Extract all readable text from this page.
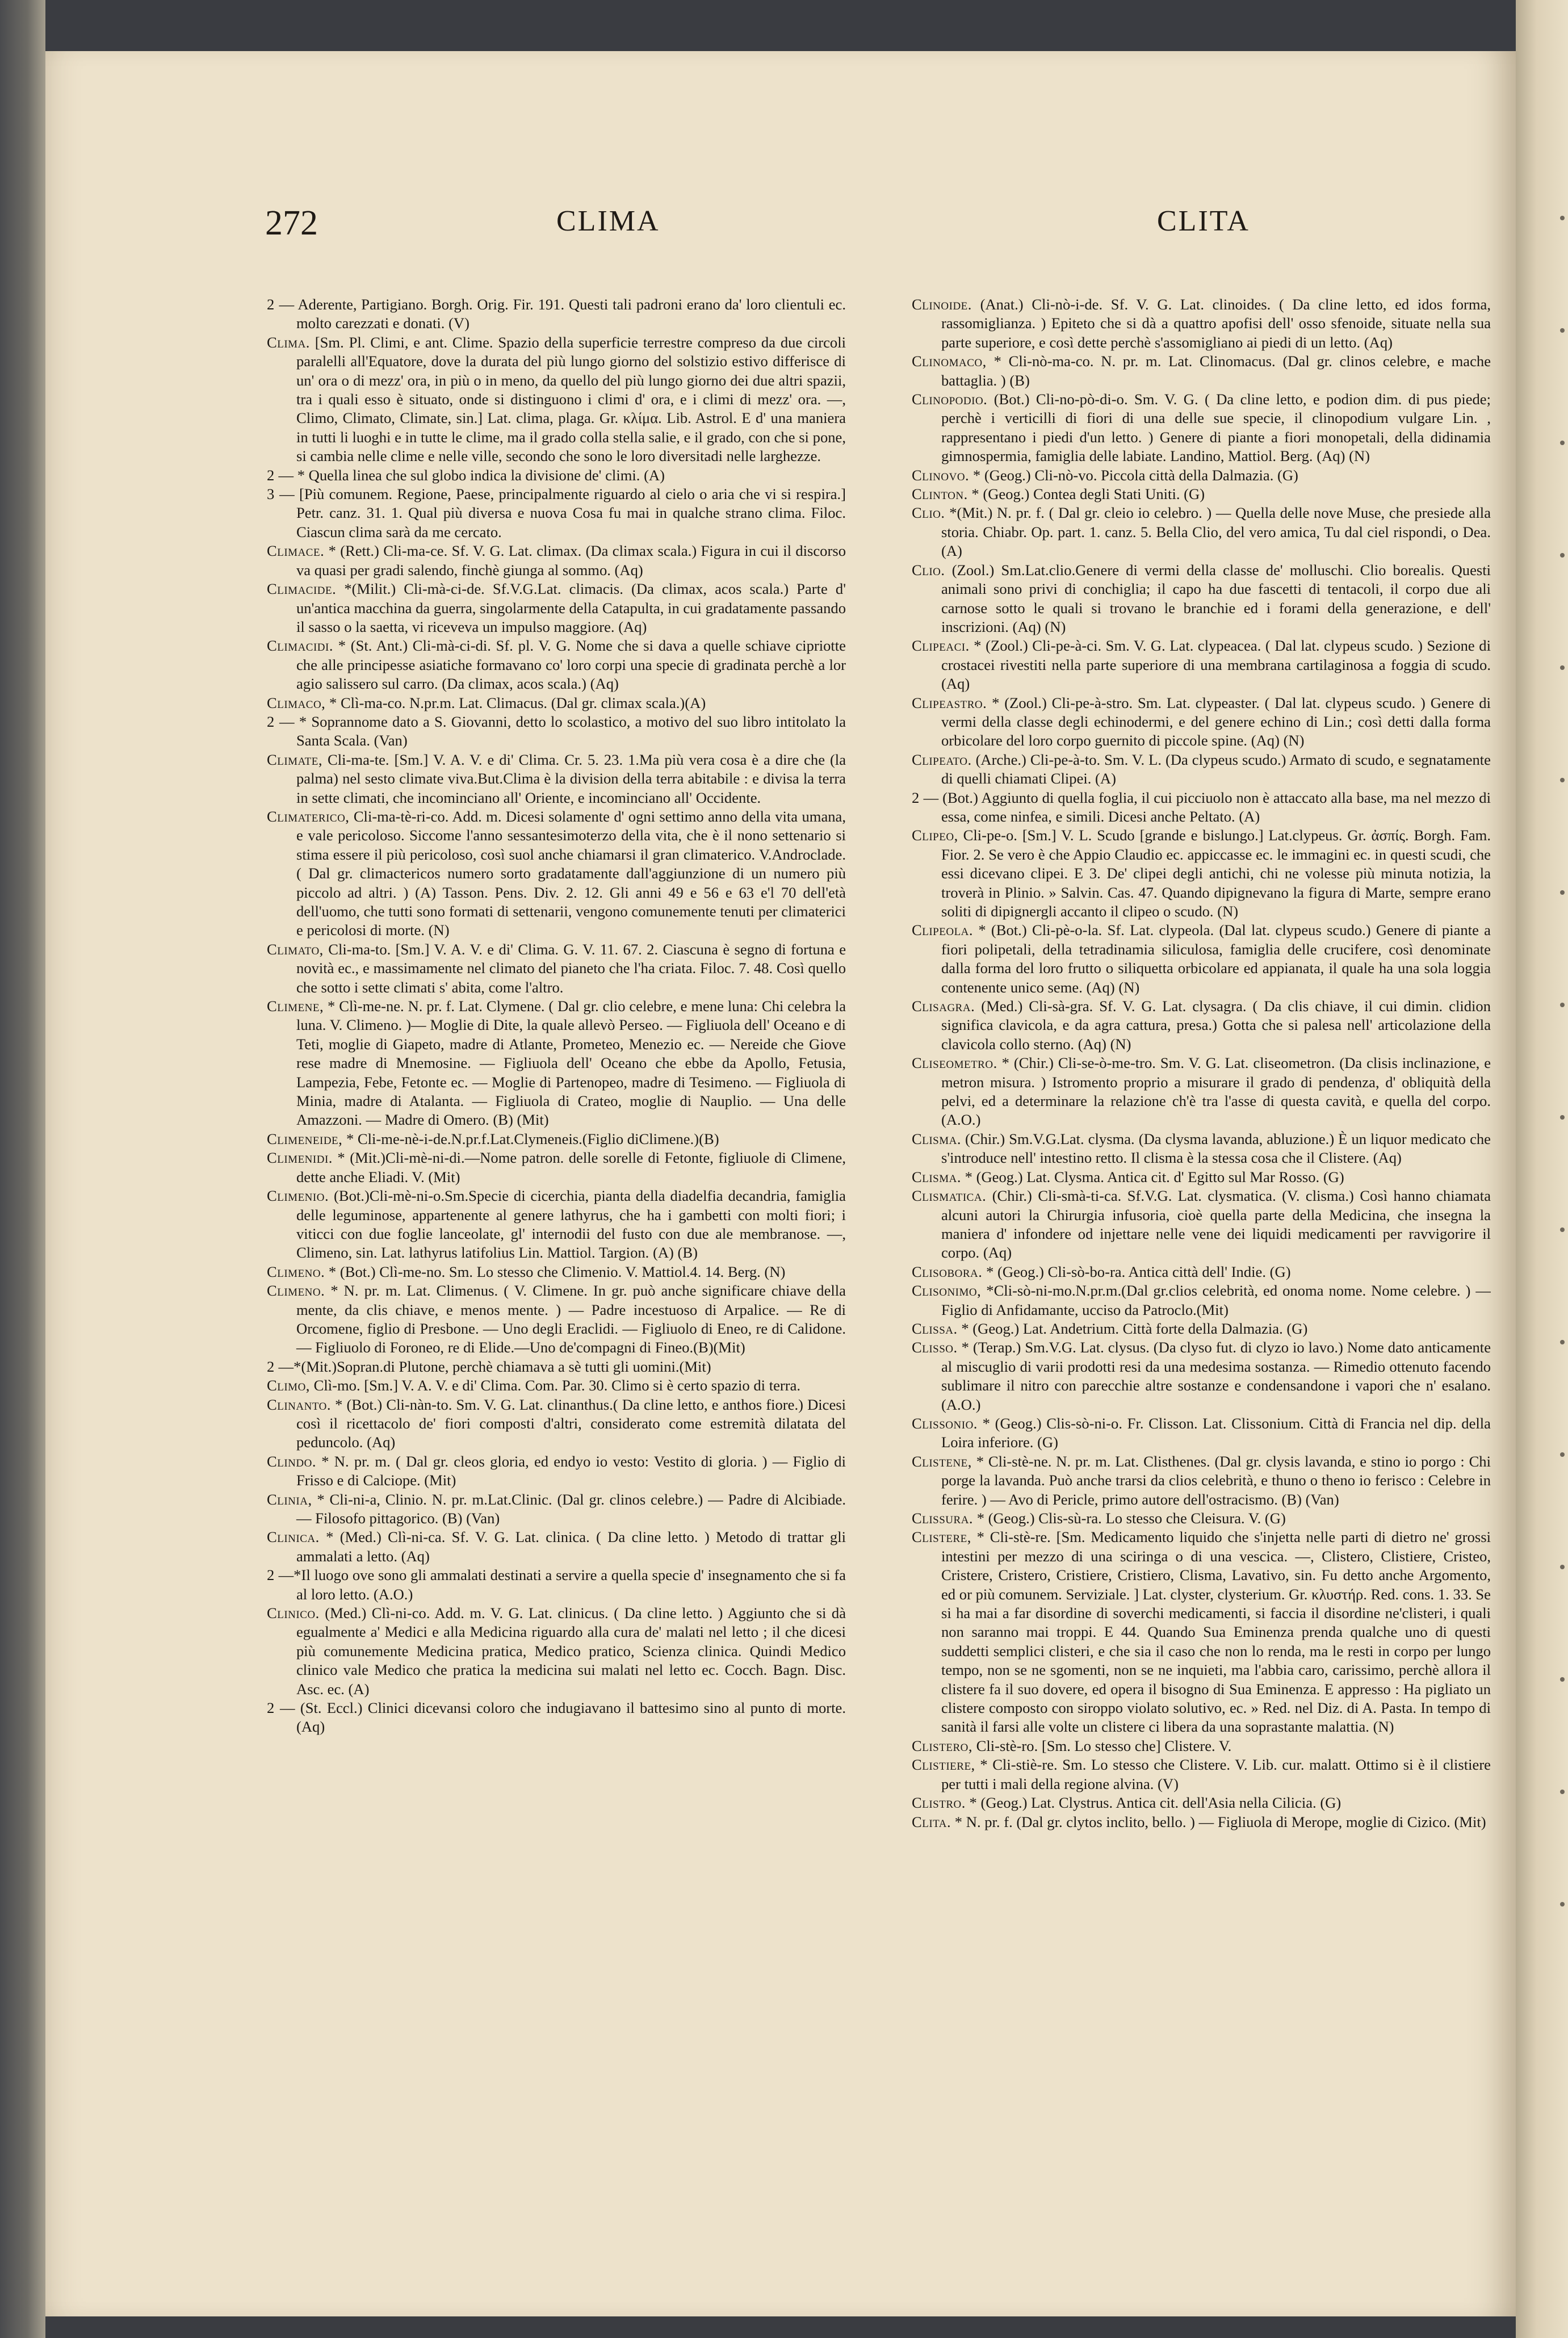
272	CLIMA	CLITA

2 — Aderente, Partigiano. Borgh. Orig. Fir. 191. Questi tali padroni erano da' loro clientuli ec. molto carezzati e donati. (V)

Clima. [Sm. Pl. Climi, e ant. Clime. Spazio della superficie terrestre compreso da due circoli paralelli all'Equatore, dove la durata del più lungo giorno del solstizio estivo differisce di un' ora o di mezz' ora, in più o in meno, da quello del più lungo giorno dei due altri spazii, tra i quali esso è situato, onde si distinguono i climi d' ora, e i climi di mezz' ora. —, Climo, Climato, Climate, sin.] Lat. clima, plaga. Gr. κλίμα. Lib. Astrol. E d' una maniera in tutti li luoghi e in tutte le clime, ma il grado colla stella salie, e il grado, con che si pone, si cambia nelle clime e nelle ville, secondo che sono le loro diversitadi nelle larghezze.

2 — * Quella linea che sul globo indica la divisione de' climi. (A)

3 — [Più comunem. Regione, Paese, principalmente riguardo al cielo o aria che vi si respira.] Petr. canz. 31. 1. Qual più diversa e nuova Cosa fu mai in qualche strano clima. Filoc. Ciascun clima sarà da me cercato.

Climace. * (Rett.) Cli-ma-ce. Sf. V. G. Lat. climax. (Da climax scala.) Figura in cui il discorso va quasi per gradi salendo, finchè giunga al sommo. (Aq)

Climacide. *(Milit.) Cli-mà-ci-de. Sf.V.G.Lat. climacis. (Da climax, acos scala.) Parte d' un'antica macchina da guerra, singolarmente della Catapulta, in cui gradatamente passando il sasso o la saetta, vi riceveva un impulso maggiore. (Aq)

Climacidi. * (St. Ant.) Cli-mà-ci-di. Sf. pl. V. G. Nome che si dava a quelle schiave cipriotte che alle principesse asiatiche formavano co' loro corpi una specie di gradinata perchè a lor agio salissero sul carro. (Da climax, acos scala.) (Aq)

Climaco, * Clì-ma-co. N.pr.m. Lat. Climacus. (Dal gr. climax scala.)(A)

2 — * Soprannome dato a S. Giovanni, detto lo scolastico, a motivo del suo libro intitolato la Santa Scala. (Van)

Climate, Cli-ma-te. [Sm.] V. A. V. e di' Clima. Cr. 5. 23. 1.Ma più vera cosa è a dire che (la palma) nel sesto climate viva.But.Clima è la division della terra abitabile : e divisa la terra in sette climati, che incominciano all' Oriente, e incominciano all' Occidente.

Climaterico, Cli-ma-tè-ri-co. Add. m. Dicesi solamente d' ogni settimo anno della vita umana, e vale pericoloso. Siccome l'anno sessantesimoterzo della vita, che è il nono settenario si stima essere il più pericoloso, così suol anche chiamarsi il gran climaterico. V.Androclade. ( Dal gr. climactericos numero sorto gradatamente dall'aggiunzione di un numero più piccolo ad altri. ) (A) Tasson. Pens. Div. 2. 12. Gli anni 49 e 56 e 63 e'l 70 dell'età dell'uomo, che tutti sono formati di settenarii, vengono comunemente tenuti per climaterici e pericolosi di morte. (N)

Climato, Cli-ma-to. [Sm.] V. A. V. e di' Clima. G. V. 11. 67. 2. Ciascuna è segno di fortuna e novità ec., e massimamente nel climato del pianeto che l'ha criata. Filoc. 7. 48. Così quello che sotto i sette climati s' abita, come l'altro.

Climene, * Clì-me-ne. N. pr. f. Lat. Clymene. ( Dal gr. clio celebre, e mene luna: Chi celebra la luna. V. Climeno. )— Moglie di Dite, la quale allevò Perseo. — Figliuola dell' Oceano e di Teti, moglie di Giapeto, madre di Atlante, Prometeo, Menezio ec. — Nereide che Giove rese madre di Mnemosine. — Figliuola dell' Oceano che ebbe da Apollo, Fetusia, Lampezia, Febe, Fetonte ec. — Moglie di Partenopeo, madre di Tesimeno. — Figliuola di Minia, madre di Atalanta. — Figliuola di Crateo, moglie di Nauplio. — Una delle Amazzoni. — Madre di Omero. (B) (Mit)

Climeneide, * Cli-me-nè-i-de.N.pr.f.Lat.Clymeneis.(Figlio diClimene.)(B)

Climenidi. * (Mit.)Cli-mè-ni-di.—Nome patron. delle sorelle di Fetonte, figliuole di Climene, dette anche Eliadi. V. (Mit)

Climenio. (Bot.)Cli-mè-ni-o.Sm.Specie di cicerchia, pianta della diadelfia decandria, famiglia delle leguminose, appartenente al genere lathyrus, che ha i gambetti con molti fiori; i viticci con due foglie lanceolate, gl' internodii del fusto con due ale membranose. —, Climeno, sin. Lat. lathyrus latifolius Lin. Mattiol. Targion. (A) (B)

Climeno. * (Bot.) Clì-me-no. Sm. Lo stesso che Climenio. V. Mattiol.4. 14. Berg. (N)

Climeno. * N. pr. m. Lat. Climenus. ( V. Climene. In gr. può anche significare chiave della mente, da clis chiave, e menos mente. ) — Padre incestuoso di Arpalice. — Re di Orcomene, figlio di Presbone. — Uno degli Eraclidi. — Figliuolo di Eneo, re di Calidone.— Figliuolo di Foroneo, re di Elide.—Uno de'compagni di Fineo.(B)(Mit)

2 —*(Mit.)Sopran.di Plutone, perchè chiamava a sè tutti gli uomini.(Mit)

Climo, Clì-mo. [Sm.] V. A. V. e di' Clima. Com. Par. 30. Climo si è certo spazio di terra.

Clinanto. * (Bot.) Cli-nàn-to. Sm. V. G. Lat. clinanthus.( Da cline letto, e anthos fiore.) Dicesi così il ricettacolo de' fiori composti d'altri, considerato come estremità dilatata del peduncolo. (Aq)

Clindo. * N. pr. m. ( Dal gr. cleos gloria, ed endyo io vesto: Vestito di gloria. ) — Figlio di Frisso e di Calciope. (Mit)

Clinia, * Cli-ni-a, Clinio. N. pr. m.Lat.Clinic. (Dal gr. clinos celebre.) — Padre di Alcibiade. — Filosofo pittagorico. (B) (Van)

Clinica. * (Med.) Clì-ni-ca. Sf. V. G. Lat. clinica. ( Da cline letto. ) Metodo di trattar gli ammalati a letto. (Aq)

2 —*Il luogo ove sono gli ammalati destinati a servire a quella specie d' insegnamento che si fa al loro letto. (A.O.)

Clinico. (Med.) Clì-ni-co. Add. m. V. G. Lat. clinicus. ( Da cline letto. ) Aggiunto che si dà egualmente a' Medici e alla Medicina riguardo alla cura de' malati nel letto ; il che dicesi più comunemente Medicina pratica, Medico pratico, Scienza clinica. Quindi Medico clinico vale Medico che pratica la medicina sui malati nel letto ec. Cocch. Bagn. Disc. Asc. ec. (A)

2 — (St. Eccl.) Clinici dicevansi coloro che indugiavano il battesimo sino al punto di morte. (Aq)

Clinoide. (Anat.) Cli-nò-i-de. Sf. V. G. Lat. clinoides. ( Da cline letto, ed idos forma, rassomiglianza. ) Epiteto che si dà a quattro apofisi dell' osso sfenoide, situate nella sua parte superiore, e così dette perchè s'assomigliano ai piedi di un letto. (Aq)

Clinomaco, * Cli-nò-ma-co. N. pr. m. Lat. Clinomacus. (Dal gr. clinos celebre, e mache battaglia. ) (B)

Clinopodio. (Bot.) Cli-no-pò-di-o. Sm. V. G. ( Da cline letto, e podion dim. di pus piede; perchè i verticilli di fiori di una delle sue specie, il clinopodium vulgare Lin. , rappresentano i piedi d'un letto. ) Genere di piante a fiori monopetali, della didinamia gimnospermia, famiglia delle labiate. Landino, Mattiol. Berg. (Aq) (N)

Clinovo. * (Geog.) Cli-nò-vo. Piccola città della Dalmazia. (G)

Clinton. * (Geog.) Contea degli Stati Uniti. (G)

Clio. *(Mit.) N. pr. f. ( Dal gr. cleio io celebro. ) — Quella delle nove Muse, che presiede alla storia. Chiabr. Op. part. 1. canz. 5. Bella Clio, del vero amica, Tu dal ciel rispondi, o Dea. (A)

Clio. (Zool.) Sm.Lat.clio.Genere di vermi della classe de' molluschi. Clio borealis. Questi animali sono privi di conchiglia; il capo ha due fascetti di tentacoli, il corpo due ali carnose sotto le quali si trovano le branchie ed i forami della generazione, e dell' inscrizioni. (Aq) (N)

Clipeaci. * (Zool.) Cli-pe-à-ci. Sm. V. G. Lat. clypeacea. ( Dal lat. clypeus scudo. ) Sezione di crostacei rivestiti nella parte superiore di una membrana cartilaginosa a foggia di scudo. (Aq)

Clipeastro. * (Zool.) Cli-pe-à-stro. Sm. Lat. clypeaster. ( Dal lat. clypeus scudo. ) Genere di vermi della classe degli echinodermi, e del genere echino di Lin.; così detti dalla forma orbicolare del loro corpo guernito di piccole spine. (Aq) (N)

Clipeato. (Arche.) Cli-pe-à-to. Sm. V. L. (Da clypeus scudo.) Armato di scudo, e segnatamente di quelli chiamati Clipei. (A)

2 — (Bot.) Aggiunto di quella foglia, il cui picciuolo non è attaccato alla base, ma nel mezzo di essa, come ninfea, e simili. Dicesi anche Peltato. (A)

Clipeo, Cli-pe-o. [Sm.] V. L. Scudo [grande e bislungo.] Lat.clypeus. Gr. ἀσπίς. Borgh. Fam. Fior. 2. Se vero è che Appio Claudio ec. appiccasse ec. le immagini ec. in questi scudi, che essi dicevano clipei. E 3. De' clipei degli antichi, chi ne volesse più minuta notizia, la troverà in Plinio. » Salvin. Cas. 47. Quando dipignevano la figura di Marte, sempre erano soliti di dipignergli accanto il clipeo o scudo. (N)

Clipeola. * (Bot.) Cli-pè-o-la. Sf. Lat. clypeola. (Dal lat. clypeus scudo.) Genere di piante a fiori polipetali, della tetradinamia siliculosa, famiglia delle crucifere, così denominate dalla forma del loro frutto o siliquetta orbicolare ed appianata, il quale ha una sola loggia contenente unico seme. (Aq) (N)

Clisagra. (Med.) Cli-sà-gra. Sf. V. G. Lat. clysagra. ( Da clis chiave, il cui dimin. clidion significa clavicola, e da agra cattura, presa.) Gotta che si palesa nell' articolazione della clavicola collo sterno. (Aq) (N)

Cliseometro. * (Chir.) Cli-se-ò-me-tro. Sm. V. G. Lat. cliseometron. (Da clisis inclinazione, e metron misura. ) Istromento proprio a misurare il grado di pendenza, d' obliquità della pelvi, ed a determinare la relazione ch'è tra l'asse di questa cavità, e quella del corpo. (A.O.)

Clisma. (Chir.) Sm.V.G.Lat. clysma. (Da clysma lavanda, abluzione.) È un liquor medicato che s'introduce nell' intestino retto. Il clisma è la stessa cosa che il Clistere. (Aq)

Clisma. * (Geog.) Lat. Clysma. Antica cit. d' Egitto sul Mar Rosso. (G)

Clismatica. (Chir.) Cli-smà-ti-ca. Sf.V.G. Lat. clysmatica. (V. clisma.) Così hanno chiamata alcuni autori la Chirurgia infusoria, cioè quella parte della Medicina, che insegna la maniera d' infondere od injettare nelle vene dei liquidi medicamenti per ravvigorire il corpo. (Aq)

Clisobora. * (Geog.) Cli-sò-bo-ra. Antica città dell' Indie. (G)

Clisonimo, *Cli-sò-ni-mo.N.pr.m.(Dal gr.clios celebrità, ed onoma nome. Nome celebre. ) — Figlio di Anfidamante, ucciso da Patroclo.(Mit)

Clissa. * (Geog.) Lat. Andetrium. Città forte della Dalmazia. (G)

Clisso. * (Terap.) Sm.V.G. Lat. clysus. (Da clyso fut. di clyzo io lavo.) Nome dato anticamente al miscuglio di varii prodotti resi da una medesima sostanza. — Rimedio ottenuto facendo sublimare il nitro con parecchie altre sostanze e condensandone i vapori che n' esalano.(A.O.)

Clissonio. * (Geog.) Clis-sò-ni-o. Fr. Clisson. Lat. Clissonium. Città di Francia nel dip. della Loira inferiore. (G)

Clistene, * Cli-stè-ne. N. pr. m. Lat. Clisthenes. (Dal gr. clysis lavanda, e stino io porgo : Chi porge la lavanda. Può anche trarsi da clios celebrità, e thuno o theno io ferisco : Celebre in ferire. ) — Avo di Pericle, primo autore dell'ostracismo. (B) (Van)

Clissura. * (Geog.) Clis-sù-ra. Lo stesso che Cleisura. V. (G)

Clistere, * Cli-stè-re. [Sm. Medicamento liquido che s'injetta nelle parti di dietro ne' grossi intestini per mezzo di una sciringa o di una vescica. —, Clistero, Clistiere, Cristeo, Cristere, Cristero, Cristiere, Cristiero, Clisma, Lavativo, sin. Fu detto anche Argomento, ed or più comunem. Serviziale. ] Lat. clyster, clysterium. Gr. κλυστήρ. Red. cons. 1. 33. Se si ha mai a far disordine di soverchi medicamenti, si faccia il disordine ne'clisteri, i quali non saranno mai troppi. E 44. Quando Sua Eminenza prenda qualche uno di questi suddetti semplici clisteri, e che sia il caso che non lo renda, ma le resti in corpo per lungo tempo, non se ne sgomenti, non se ne inquieti, ma l'abbia caro, carissimo, perchè allora il clistere fa il suo dovere, ed opera il bisogno di Sua Eminenza. E appresso : Ha pigliato un clistere composto con siroppo violato solutivo, ec. » Red. nel Diz. di A. Pasta. In tempo di sanità il farsi alle volte un clistere ci libera da una soprastante malattia. (N)

Clistero, Cli-stè-ro. [Sm. Lo stesso che] Clistere. V.

Clistiere, * Cli-stiè-re. Sm. Lo stesso che Clistere. V. Lib. cur. malatt. Ottimo si è il clistiere per tutti i mali della regione alvina. (V)

Clistro. * (Geog.) Lat. Clystrus. Antica cit. dell'Asia nella Cilicia. (G)

Clita. * N. pr. f. (Dal gr. clytos inclito, bello. ) — Figliuola di Merope, moglie di Cizico. (Mit)
